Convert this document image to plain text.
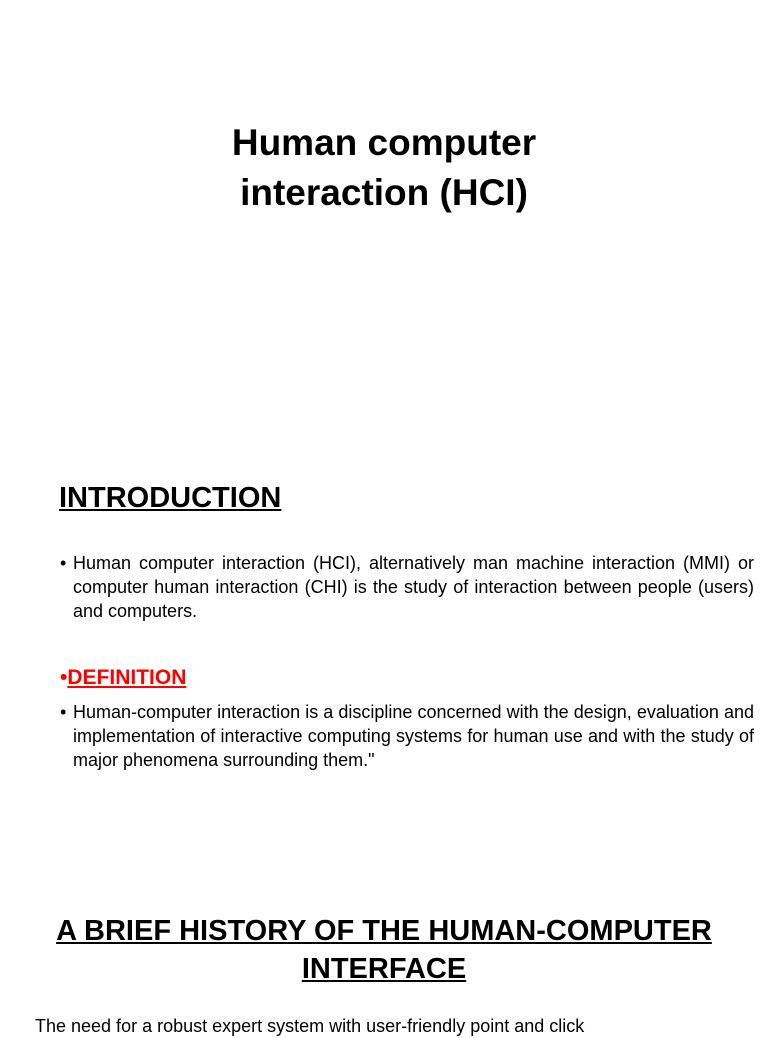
Human computer
interaction (HCI)
INTRODUCTION

• Human computer interaction (HCI), alternatively man machine interaction (MMI) or computer human interaction (CHI) is the study of interaction between people (users) and computers.

•DEFINITION

• Human-computer interaction is a discipline concerned with the design, evaluation and implementation of interactive computing systems for human use and with the study of major phenomena surrounding them."

A BRIEF HISTORY OF THE HUMAN-COMPUTER
INTERFACE
The need for a robust expert system with user-friendly point and click
